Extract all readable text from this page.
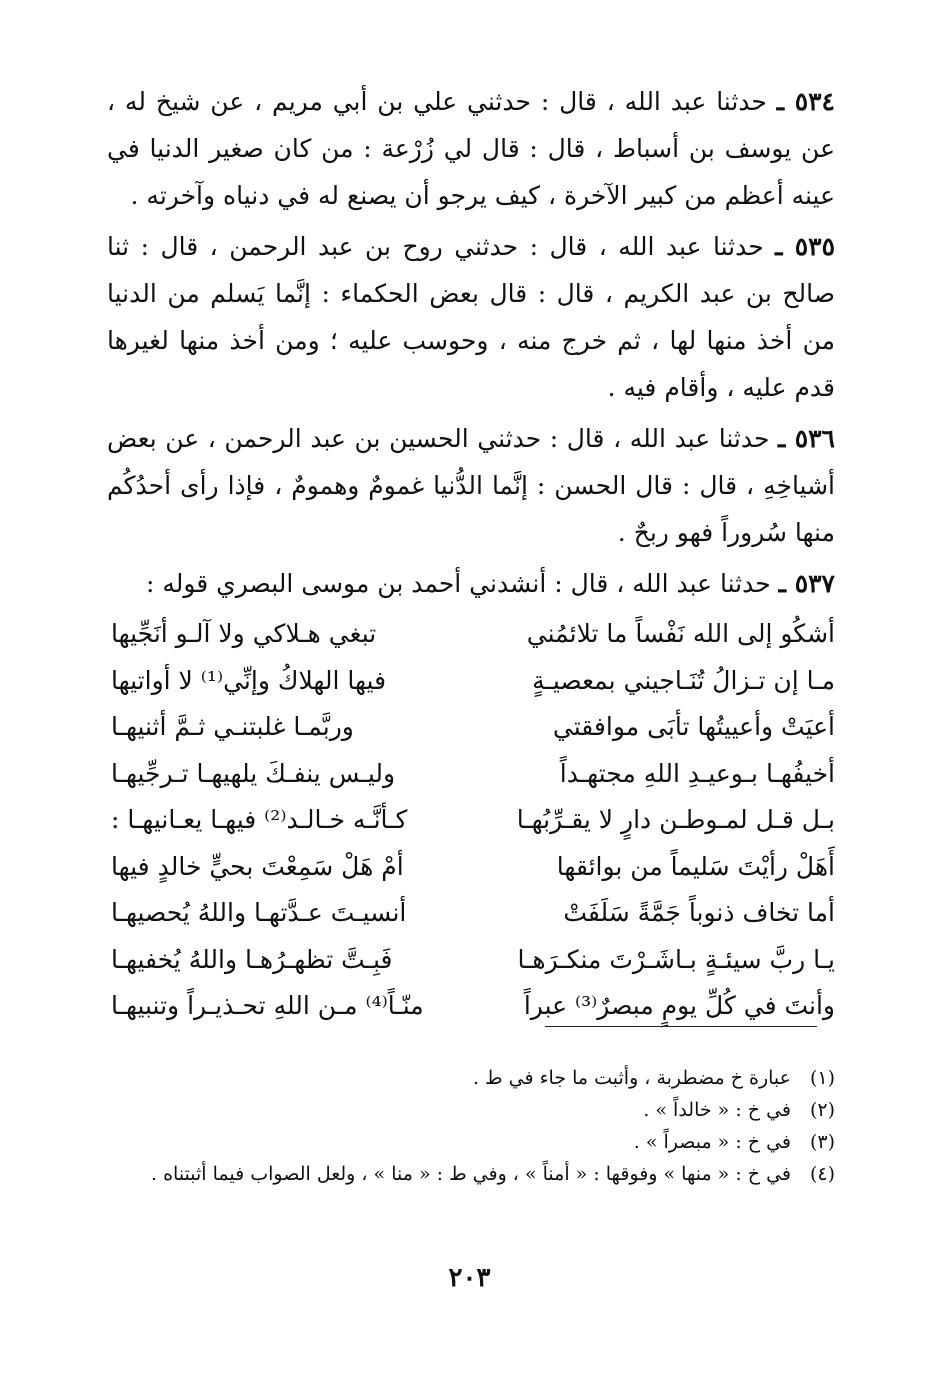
٥٣٤ ـ حدثنا عبد الله ، قال : حدثني علي بن أبي مريم ، عن شيخ له ، عن يوسف بن أسباط ، قال : قال لي زُرْعة : من كان صغير الدنيا في عينه أعظم من كبير الآخرة ، كيف يرجو أن يصنع له في دنياه وآخرته .

٥٣٥ ـ حدثنا عبد الله ، قال : حدثني روح بن عبد الرحمن ، قال : ثنا صالح بن عبد الكريم ، قال : قال بعض الحكماء : إنَّما يَسلم من الدنيا من أخذ منها لها ، ثم خرج منه ، وحوسب عليه ؛ ومن أخذ منها لغيرها قدم عليه ، وأقام فيه .

٥٣٦ ـ حدثنا عبد الله ، قال : حدثني الحسين بن عبد الرحمن ، عن بعض أشياخِهِ ، قال : قال الحسن : إنَّما الدُّنيا غمومٌ وهمومٌ ، فإذا رأى أحدُكُم منها سُروراً فهو ربحٌ .

٥٣٧ ـ حدثنا عبد الله ، قال : أنشدني أحمد بن موسى البصري قوله :

أشكُو إلى الله نَفْساً ما تلائمُني
تبغي هـلاكي ولا آلـو أنَجِّيها
مـا إن تـزالُ تُنَـاجيني بمعصيـةٍ
فيها الهلاكُ وإنِّي⁽¹⁾ لا أواتيها
أعيَتْ وأعييتُها تأبَى موافقتي
وربَّمـا غلبتنـي ثـمَّ أثنيهـا
أخيفُهـا بـوعيـدِ اللهِ مجتهـداً
وليـس ينفـكَ يلهيهـا تـرجِّيهـا
بـل قـل لمـوطـن دارٍ لا يقـرِّبُهـا
كـأنَّـه خـالـد⁽²⁾ فيهـا يعـانيهـا :
أَهَلْ رأيْتَ سَليماً من بوائقها
أمْ هَلْ سَمِعْتَ بحيٍّ خالدٍ فيها
أما تخاف ذنوباً جَمَّةً سَلَفَتْ
أنسيـتَ عـدَّتهـا واللهُ يُحصيهـا
يـا ربَّ سيئـةٍ بـاشَـرْتَ منكـرَهـا
فَبِـتَّ تظهـرُهـا واللهُ يُخفيهـا
وأنتَ في كُلِّ يومٍ مبصرٌ⁽³⁾ عبراً
منّـاً⁽⁴⁾ مـن اللهِ تحـذيـراً وتنبيهـا
(١)
عبارة خ مضطربة ، وأثبت ما جاء في ط .
(٢)
في خ : « خالداً » .
(٣)
في خ : « مبصراً » .
(٤)
في خ : « منها » وفوقها : « أمناً » ، وفي ط : « منا » ، ولعل الصواب فيما أثبتناه .
٢٠٣
